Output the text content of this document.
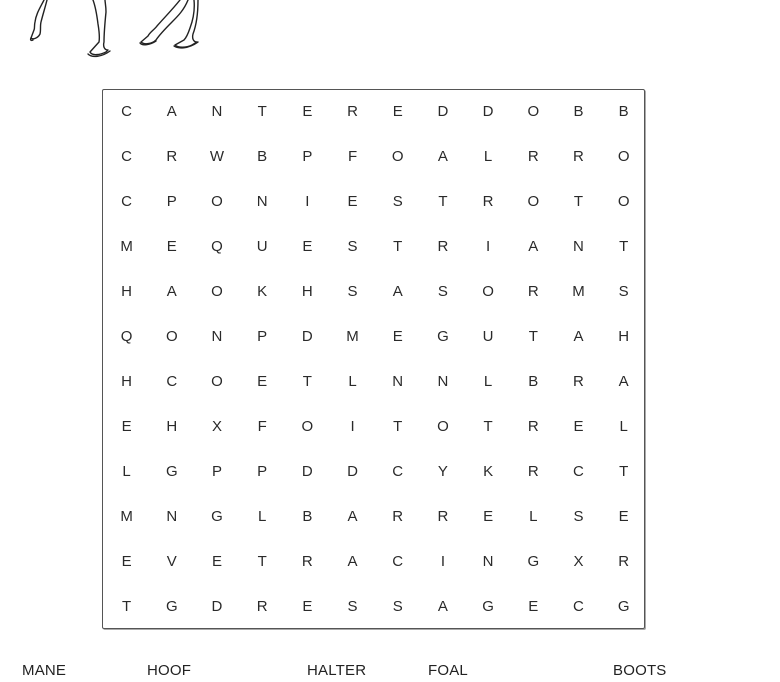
C	A	N	T	E	R	E	D	D	O	B	B
C	R	W	B	P	F	O	A	L	R	R	O
C	P	O	N	I	E	S	T	R	O	T	O
M	E	Q	U	E	S	T	R	I	A	N	T
H	A	O	K	H	S	A	S	O	R	M	S
Q	O	N	P	D	M	E	G	U	T	A	H
H	C	O	E	T	L	N	N	L	B	R	A
E	H	X	F	O	I	T	O	T	R	E	L
L	G	P	P	D	D	C	Y	K	R	C	T
M	N	G	L	B	A	R	R	E	L	S	E
E	V	E	T	R	A	C	I	N	G	X	R
T	G	D	R	E	S	S	A	G	E	C	G
MANE	HOOF	HALTER	FOAL	BOOTS
